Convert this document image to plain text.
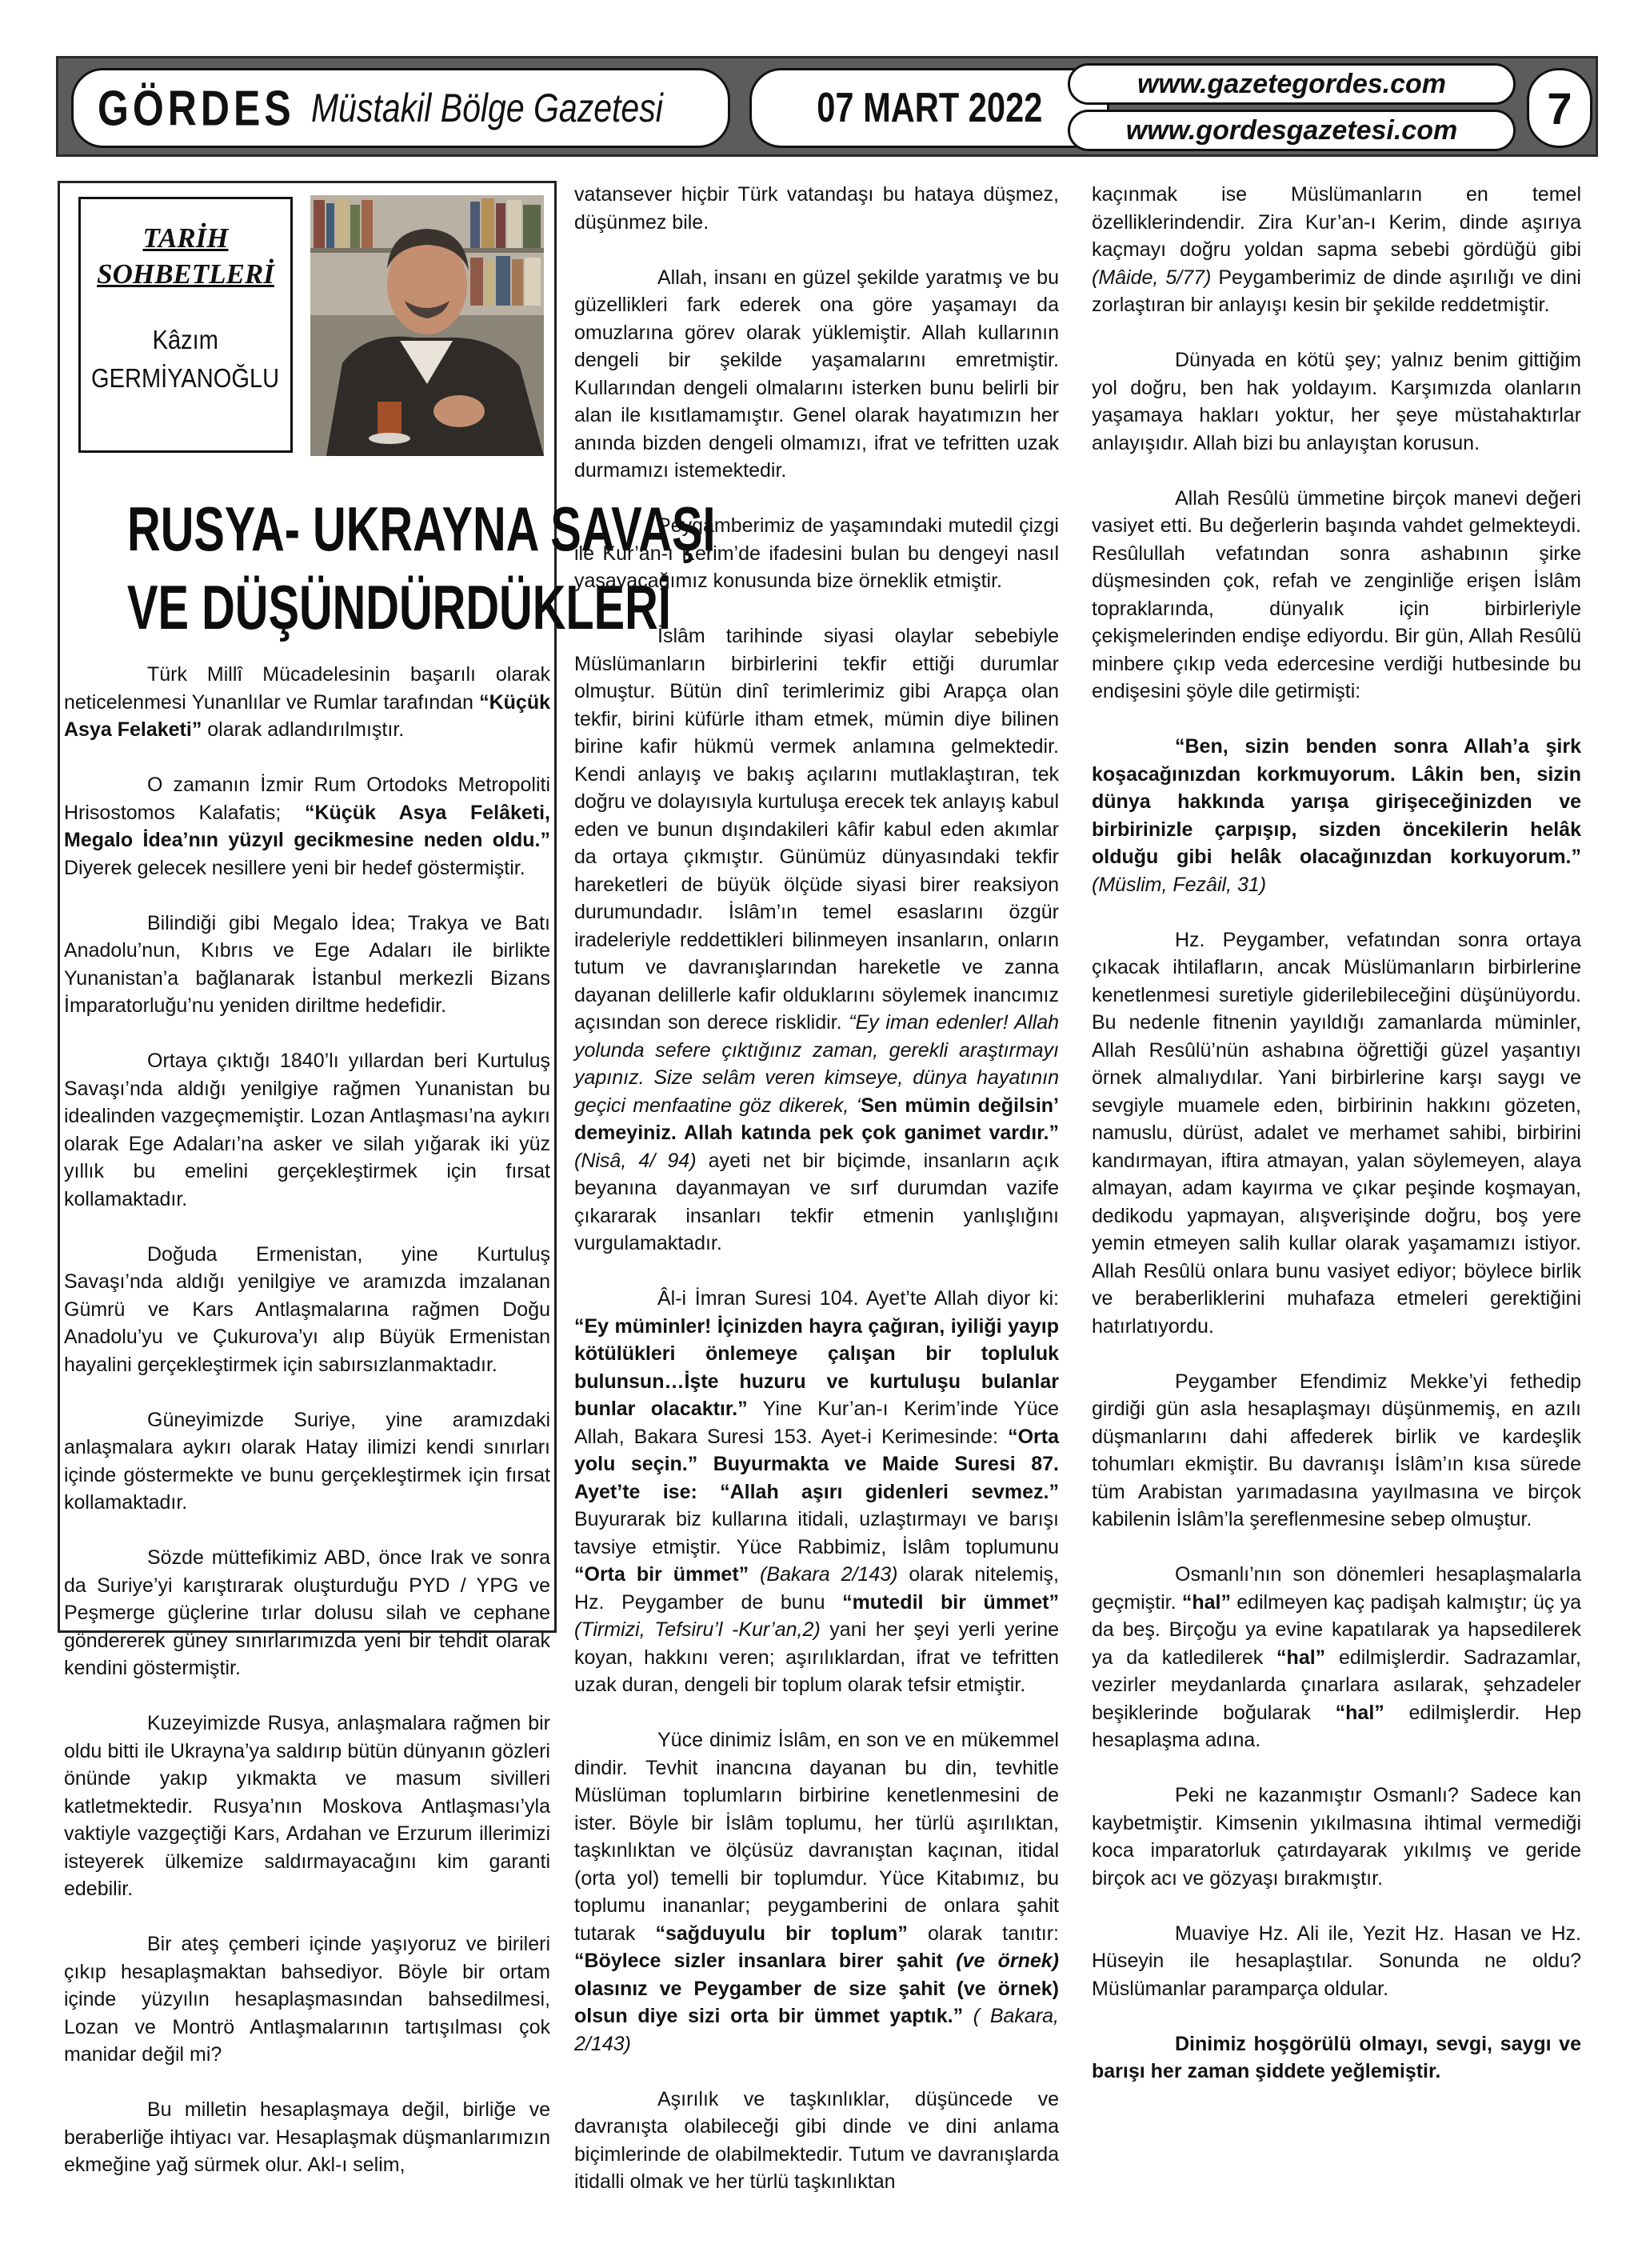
GÖRDES Müstakil Bölge Gazetesi	07 MART 2022
www.gazetegordes.com
www.gordesgazetesi.com 7
TARİH
SOHBETLERİ
Kâzım
GERMİYANOĞLU
RUSYA- UKRAYNA SAVAŞI
VE DÜŞÜNDÜRDÜKLERİ

Türk Millî Mücadelesinin başarılı olarak neticelenmesi Yunanlılar ve Rumlar tarafından “Küçük Asya Felaketi” olarak adlandırılmıştır.

O zamanın İzmir Rum Ortodoks Metropoliti Hrisostomos Kalafatis; “Küçük Asya Felâketi, Megalo İdea’nın yüzyıl gecikmesine neden oldu.” Diyerek gelecek nesillere yeni bir hedef göstermiştir.

Bilindiği gibi Megalo İdea; Trakya ve Batı Anadolu’nun, Kıbrıs ve Ege Adaları ile birlikte Yunanistan’a bağlanarak İstanbul merkezli Bizans İmparatorluğu’nu yeniden diriltme hedefidir.

Ortaya çıktığı 1840’lı yıllardan beri Kurtuluş Savaşı’nda aldığı yenilgiye rağmen Yunanistan bu idealinden vazgeçmemiştir. Lozan Antlaşması’na aykırı olarak Ege Adaları’na asker ve silah yığarak iki yüz yıllık bu emelini gerçekleştirmek için fırsat kollamaktadır.

Doğuda Ermenistan, yine Kurtuluş Savaşı’nda aldığı yenilgiye ve aramızda imzalanan Gümrü ve Kars Antlaşmalarına rağmen Doğu Anadolu’yu ve Çukurova’yı alıp Büyük Ermenistan hayalini gerçekleştirmek için sabırsızlanmaktadır.

Güneyimizde Suriye, yine aramızdaki anlaşmalara aykırı olarak Hatay ilimizi kendi sınırları içinde göstermekte ve bunu gerçekleştirmek için fırsat kollamaktadır.

Sözde müttefikimiz ABD, önce Irak ve sonra da Suriye’yi karıştırarak oluşturduğu PYD / YPG ve Peşmerge güçlerine tırlar dolusu silah ve cephane göndererek güney sınırlarımızda yeni bir tehdit olarak kendini göstermiştir.

Kuzeyimizde Rusya, anlaşmalara rağmen bir oldu bitti ile Ukrayna’ya saldırıp bütün dünyanın gözleri önünde yakıp yıkmakta ve masum sivilleri katletmektedir. Rusya’nın Moskova Antlaşması’yla vaktiyle vazgeçtiği Kars, Ardahan ve Erzurum illerimizi isteyerek ülkemize saldırmayacağını kim garanti edebilir.

Bir ateş çemberi içinde yaşıyoruz ve birileri çıkıp hesaplaşmaktan bahsediyor. Böyle bir ortam içinde yüzyılın hesaplaşmasından bahsedilmesi, Lozan ve Montrö Antlaşmalarının tartışılması çok manidar değil mi?

Bu milletin hesaplaşmaya değil, birliğe ve beraberliğe ihtiyacı var. Hesaplaşmak düşmanlarımızın ekmeğine yağ sürmek olur. Akl-ı selim,

vatansever hiçbir Türk vatandaşı bu hataya düşmez, düşünmez bile.

Allah, insanı en güzel şekilde yaratmış ve bu güzellikleri fark ederek ona göre yaşamayı da omuzlarına görev olarak yüklemiştir. Allah kullarının dengeli bir şekilde yaşamalarını emretmiştir. Kullarından dengeli olmalarını isterken bunu belirli bir alan ile kısıtlamamıştır. Genel olarak hayatımızın her anında bizden dengeli olmamızı, ifrat ve tefritten uzak durmamızı istemektedir.

Peygamberimiz de yaşamındaki mutedil çizgi ile Kur’an-ı Kerim’de ifadesini bulan bu dengeyi nasıl yaşayacağımız konusunda bize örneklik etmiştir.

İslâm tarihinde siyasi olaylar sebebiyle Müslümanların birbirlerini tekfir ettiği durumlar olmuştur. Bütün dinî terimlerimiz gibi Arapça olan tekfir, birini küfürle itham etmek, mümin diye bilinen birine kafir hükmü vermek anlamına gelmektedir. Kendi anlayış ve bakış açılarını mutlaklaştıran, tek doğru ve dolayısıyla kurtuluşa erecek tek anlayış kabul eden ve bunun dışındakileri kâfir kabul eden akımlar da ortaya çıkmıştır. Günümüz dünyasındaki tekfir hareketleri de büyük ölçüde siyasi birer reaksiyon durumundadır. İslâm’ın temel esaslarını özgür iradeleriyle reddettikleri bilinmeyen insanların, onların tutum ve davranışlarından hareketle ve zanna dayanan delillerle kafir olduklarını söylemek inancımız açısından son derece risklidir. “Ey iman edenler! Allah yolunda sefere çıktığınız zaman, gerekli araştırmayı yapınız. Size selâm veren kimseye, dünya hayatının geçici menfaatine göz dikerek, ‘Sen mümin değilsin’ demeyiniz. Allah katında pek çok ganimet vardır.” (Nisâ, 4/ 94) ayeti net bir biçimde, insanların açık beyanına dayanmayan ve sırf durumdan vazife çıkararak insanları tekfir etmenin yanlışlığını vurgulamaktadır.

Âl-i İmran Suresi 104. Ayet’te Allah diyor ki: “Ey müminler! İçinizden hayra çağıran, iyiliği yayıp kötülükleri önlemeye çalışan bir topluluk bulunsun…İşte huzuru ve kurtuluşu bulanlar bunlar olacaktır.” Yine Kur’an-ı Kerim’inde Yüce Allah, Bakara Suresi 153. Ayet-i Kerimesinde: “Orta yolu seçin.” Buyurmakta ve Maide Suresi 87. Ayet’te ise: “Allah aşırı gidenleri sevmez.” Buyurarak biz kullarına itidali, uzlaştırmayı ve barışı tavsiye etmiştir. Yüce Rabbimiz, İslâm toplumunu “Orta bir ümmet” (Bakara 2/143) olarak nitelemiş, Hz. Peygamber de bunu “mutedil bir ümmet” (Tirmizi, Tefsiru’l -Kur’an,2) yani her şeyi yerli yerine koyan, hakkını veren; aşırılıklardan, ifrat ve tefritten uzak duran, dengeli bir toplum olarak tefsir etmiştir.

Yüce dinimiz İslâm, en son ve en mükemmel dindir. Tevhit inancına dayanan bu din, tevhitle Müslüman toplumların birbirine kenetlenmesini de ister. Böyle bir İslâm toplumu, her türlü aşırılıktan, taşkınlıktan ve ölçüsüz davranıştan kaçınan, itidal (orta yol) temelli bir toplumdur. Yüce Kitabımız, bu toplumu inananlar; peygamberini de onlara şahit tutarak “sağduyulu bir toplum” olarak tanıtır: “Böylece sizler insanlara birer şahit (ve örnek) olasınız ve Peygamber de size şahit (ve örnek) olsun diye sizi orta bir ümmet yaptık.” ( Bakara, 2/143)

Aşırılık ve taşkınlıklar, düşüncede ve davranışta olabileceği gibi dinde ve dini anlama biçimlerinde de olabilmektedir. Tutum ve davranışlarda itidalli olmak ve her türlü taşkınlıktan

kaçınmak ise Müslümanların en temel özelliklerindendir. Zira Kur’an-ı Kerim, dinde aşırıya kaçmayı doğru yoldan sapma sebebi gördüğü gibi (Mâide, 5/77) Peygamberimiz de dinde aşırılığı ve dini zorlaştıran bir anlayışı kesin bir şekilde reddetmiştir.

Dünyada en kötü şey; yalnız benim gittiğim yol doğru, ben hak yoldayım. Karşımızda olanların yaşamaya hakları yoktur, her şeye müstahaktırlar anlayışıdır. Allah bizi bu anlayıştan korusun.

Allah Resûlü ümmetine birçok manevi değeri vasiyet etti. Bu değerlerin başında vahdet gelmekteydi. Resûlullah vefatından sonra ashabının şirke düşmesinden çok, refah ve zenginliğe erişen İslâm topraklarında, dünyalık için birbirleriyle çekişmelerinden endişe ediyordu. Bir gün, Allah Resûlü minbere çıkıp veda edercesine verdiği hutbesinde bu endişesini şöyle dile getirmişti:

“Ben, sizin benden sonra Allah’a şirk koşacağınızdan korkmuyorum. Lâkin ben, sizin dünya hakkında yarışa girişeceğinizden ve birbirinizle çarpışıp, sizden öncekilerin helâk olduğu gibi helâk olacağınızdan korkuyorum.” (Müslim, Fezâil, 31)

Hz. Peygamber, vefatından sonra ortaya çıkacak ihtilafların, ancak Müslümanların birbirlerine kenetlenmesi suretiyle giderilebileceğini düşünüyordu. Bu nedenle fitnenin yayıldığı zamanlarda müminler, Allah Resûlü’nün ashabına öğrettiği güzel yaşantıyı örnek almalıydılar. Yani birbirlerine karşı saygı ve sevgiyle muamele eden, birbirinin hakkını gözeten, namuslu, dürüst, adalet ve merhamet sahibi, birbirini kandırmayan, iftira atmayan, yalan söylemeyen, alaya almayan, adam kayırma ve çıkar peşinde koşmayan, dedikodu yapmayan, alışverişinde doğru, boş yere yemin etmeyen salih kullar olarak yaşamamızı istiyor. Allah Resûlü onlara bunu vasiyet ediyor; böylece birlik ve beraberliklerini muhafaza etmeleri gerektiğini hatırlatıyordu.

Peygamber Efendimiz Mekke’yi fethedip girdiği gün asla hesaplaşmayı düşünmemiş, en azılı düşmanlarını dahi affederek birlik ve kardeşlik tohumları ekmiştir. Bu davranışı İslâm’ın kısa sürede tüm Arabistan yarımadasına yayılmasına ve birçok kabilenin İslâm’la şereflenmesine sebep olmuştur.

Osmanlı’nın son dönemleri hesaplaşmalarla geçmiştir. “hal” edilmeyen kaç padişah kalmıştır; üç ya da beş. Birçoğu ya evine kapatılarak ya hapsedilerek ya da katledilerek “hal” edilmişlerdir. Sadrazamlar, vezirler meydanlarda çınarlara asılarak, şehzadeler beşiklerinde boğularak “hal” edilmişlerdir. Hep hesaplaşma adına.

Peki ne kazanmıştır Osmanlı? Sadece kan kaybetmiştir. Kimsenin yıkılmasına ihtimal vermediği koca imparatorluk çatırdayarak yıkılmış ve geride birçok acı ve gözyaşı bırakmıştır.

Muaviye Hz. Ali ile, Yezit Hz. Hasan ve Hz. Hüseyin ile hesaplaştılar. Sonunda ne oldu? Müslümanlar paramparça oldular.

Dinimiz hoşgörülü olmayı, sevgi, saygı ve barışı her zaman şiddete yeğlemiştir.
